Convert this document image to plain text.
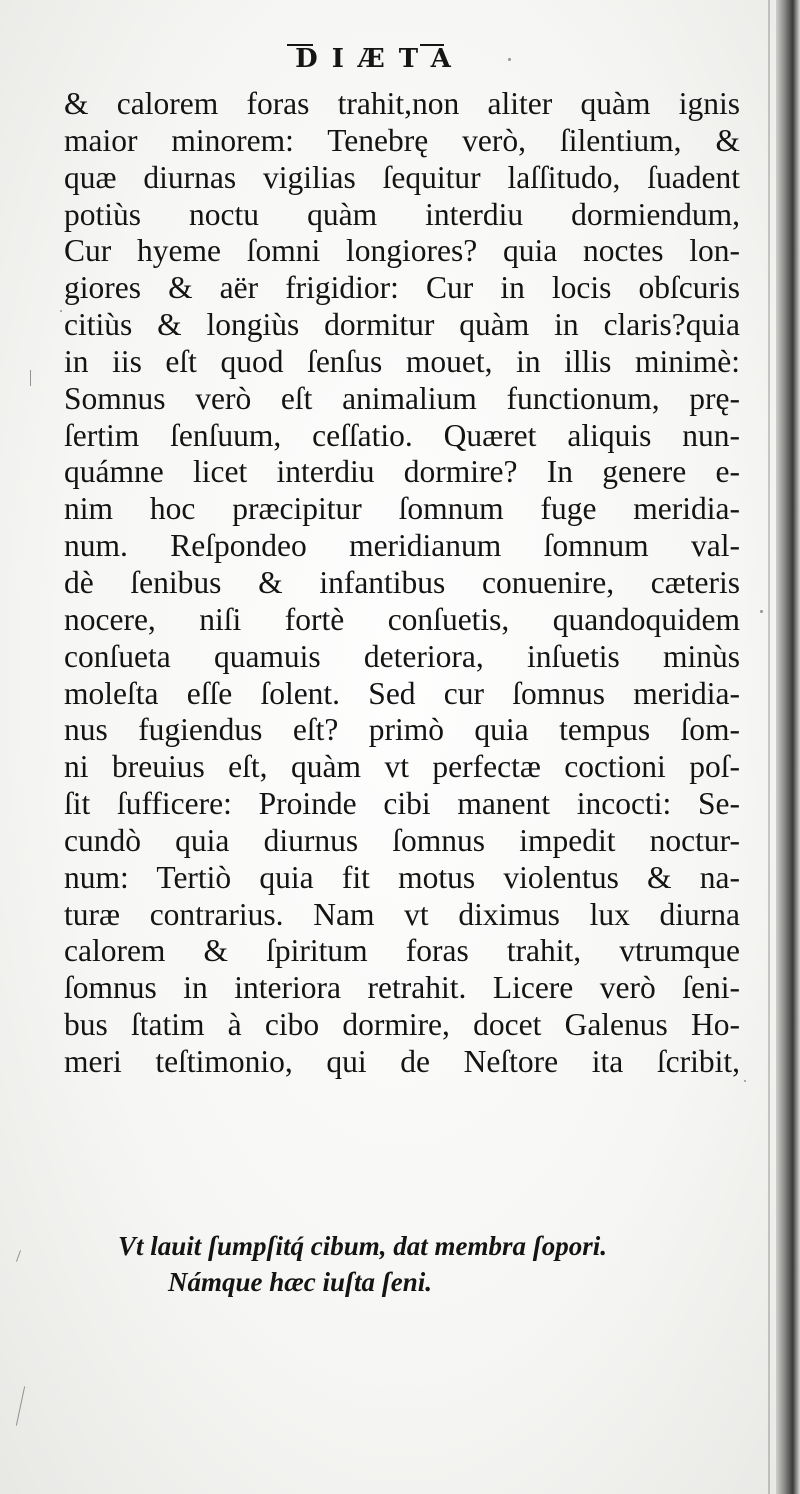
DIÆTA
& calorem foras trahit,non aliter quàm ignis
maior minorem: Tenebrę verò, ſilentium, &
quæ diurnas vigilias ſequitur laſſitudo, ſuadent
potiùs noctu quàm interdiu dormiendum,
Cur hyeme ſomni longiores? quia noctes lon-
giores & aër frigidior: Cur in locis obſcuris
citiùs & longiùs dormitur quàm in claris?quia
in iis eſt quod ſenſus mouet, in illis minimè:
Somnus verò eſt animalium functionum, prę-
ſertim ſenſuum, ceſſatio. Quæret aliquis nun-
quámne licet interdiu dormire? In genere e-
nim hoc præcipitur ſomnum fuge meridia-
num. Reſpondeo meridianum ſomnum val-
dè ſenibus & infantibus conuenire, cæteris
nocere, niſi fortè conſuetis, quandoquidem
conſueta quamuis deteriora, inſuetis minùs
moleſta eſſe ſolent. Sed cur ſomnus meridia-
nus fugiendus eſt? primò quia tempus ſom-
ni breuius eſt, quàm vt perfectæ coctioni poſ-
ſit ſufficere: Proinde cibi manent incocti: Se-
cundò quia diurnus ſomnus impedit noctur-
num: Tertiò quia fit motus violentus & na-
turæ contrarius. Nam vt diximus lux diurna
calorem & ſpiritum foras trahit, vtrumque
ſomnus in interiora retrahit. Licere verò ſeni-
bus ſtatim à cibo dormire, docet Galenus Ho-
meri teſtimonio, qui de Neſtore ita ſcribit,
Vt lauit ſumpſitq́ cibum, dat membra ſopori.
Námque hæc iuſta ſeni.
